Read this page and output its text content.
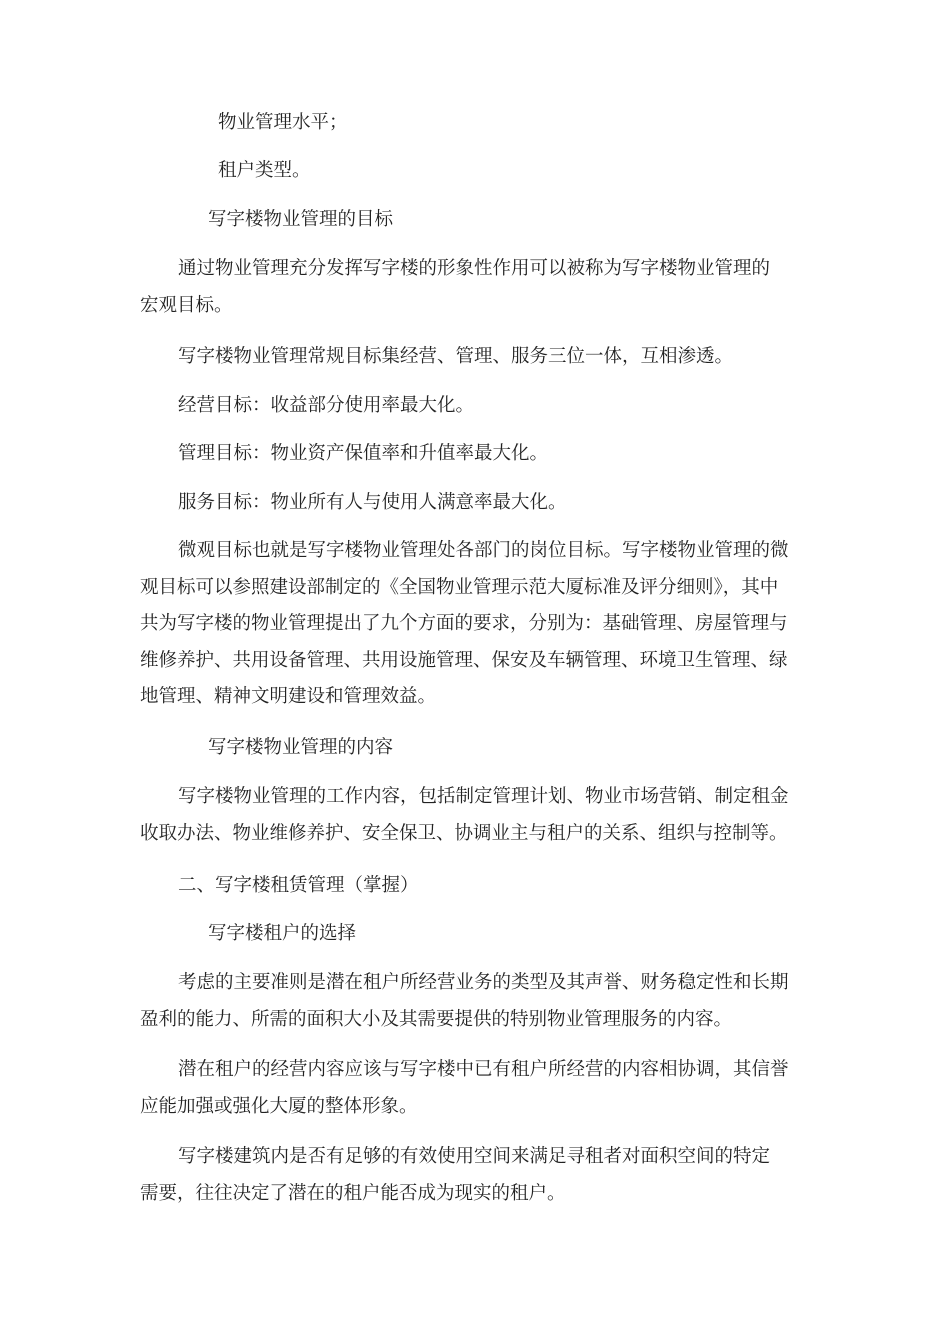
物业管理水平；
租户类型。
写字楼物业管理的目标
通过物业管理充分发挥写字楼的形象性作用可以被称为写字楼物业管理的
宏观目标。
写字楼物业管理常规目标集经营、管理、服务三位一体，互相渗透。
经营目标：收益部分使用率最大化。
管理目标：物业资产保值率和升值率最大化。
服务目标：物业所有人与使用人满意率最大化。
微观目标也就是写字楼物业管理处各部门的岗位目标。写字楼物业管理的微
观目标可以参照建设部制定的《全国物业管理示范大厦标准及评分细则》，其中
共为写字楼的物业管理提出了九个方面的要求，分别为：基础管理、房屋管理与
维修养护、共用设备管理、共用设施管理、保安及车辆管理、环境卫生管理、绿
地管理、精神文明建设和管理效益。
写字楼物业管理的内容
写字楼物业管理的工作内容，包括制定管理计划、物业市场营销、制定租金
收取办法、物业维修养护、安全保卫、协调业主与租户的关系、组织与控制等。
二、写字楼租赁管理（掌握）
写字楼租户的选择
考虑的主要准则是潜在租户所经营业务的类型及其声誉、财务稳定性和长期
盈利的能力、所需的面积大小及其需要提供的特别物业管理服务的内容。
潜在租户的经营内容应该与写字楼中已有租户所经营的内容相协调，其信誉
应能加强或强化大厦的整体形象。
写字楼建筑内是否有足够的有效使用空间来满足寻租者对面积空间的特定
需要，往往决定了潜在的租户能否成为现实的租户。
